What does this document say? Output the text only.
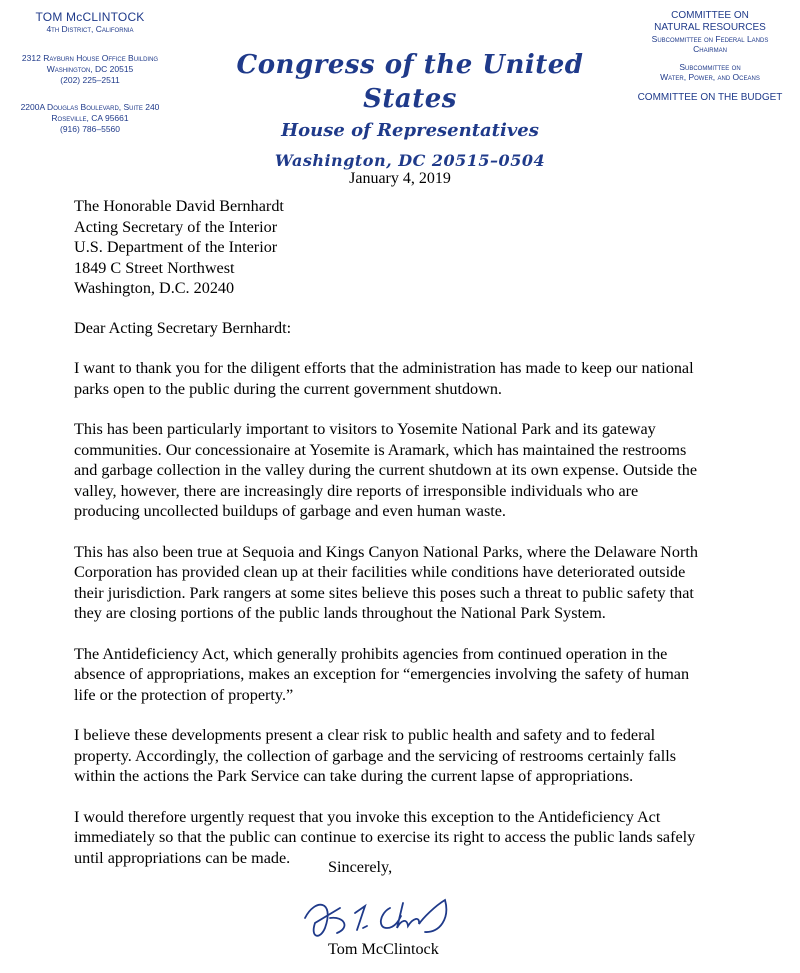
TOM McCLINTOCK
4th District, California
2312 Rayburn House Office Building
Washington, DC 20515
(202) 225–2511
2200A Douglas Boulevard, Suite 240
Roseville, CA 95661
(916) 786–5560
Congress of the United States
House of Representatives
Washington, DC 20515–0504
COMMITTEE ON
NATURAL RESOURCES
Subcommittee on Federal Lands
Chairman
Subcommittee on
Water, Power, and Oceans
COMMITTEE ON THE BUDGET
January 4, 2019
The Honorable David Bernhardt
Acting Secretary of the Interior
U.S. Department of the Interior
1849 C Street Northwest
Washington, D.C. 20240
Dear Acting Secretary Bernhardt:
I want to thank you for the diligent efforts that the administration has made to keep our national
parks open to the public during the current government shutdown.
This has been particularly important to visitors to Yosemite National Park and its gateway
communities. Our concessionaire at Yosemite is Aramark, which has maintained the restrooms
and garbage collection in the valley during the current shutdown at its own expense. Outside the
valley, however, there are increasingly dire reports of irresponsible individuals who are
producing uncollected buildups of garbage and even human waste.
This has also been true at Sequoia and Kings Canyon National Parks, where the Delaware North
Corporation has provided clean up at their facilities while conditions have deteriorated outside
their jurisdiction. Park rangers at some sites believe this poses such a threat to public safety that
they are closing portions of the public lands throughout the National Park System.
The Antideficiency Act, which generally prohibits agencies from continued operation in the
absence of appropriations, makes an exception for “emergencies involving the safety of human
life or the protection of property.”
I believe these developments present a clear risk to public health and safety and to federal
property. Accordingly, the collection of garbage and the servicing of restrooms certainly falls
within the actions the Park Service can take during the current lapse of appropriations.
I would therefore urgently request that you invoke this exception to the Antideficiency Act
immediately so that the public can continue to exercise its right to access the public lands safely
until appropriations can be made.
Sincerely,
Tom McClintock
